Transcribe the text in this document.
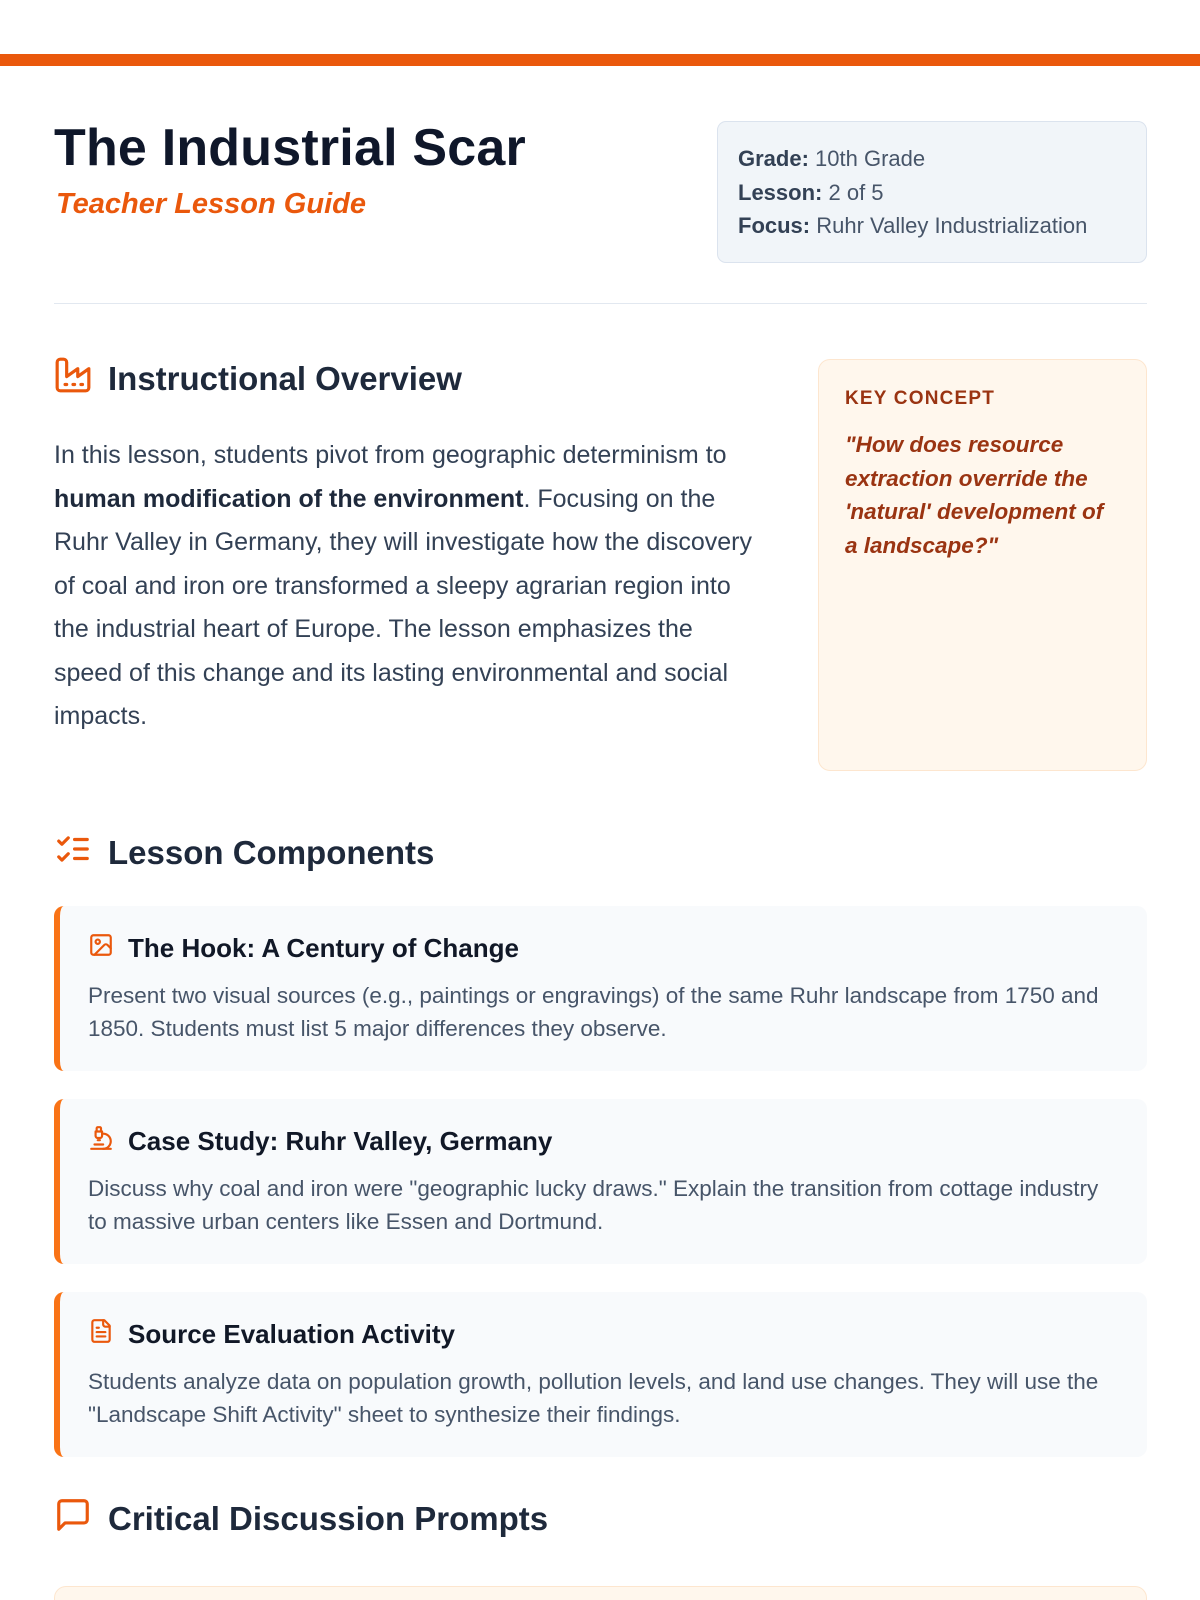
The Industrial Scar
Teacher Lesson Guide
Grade: 10th Grade
Lesson: 2 of 5
Focus: Ruhr Valley Industrialization
Instructional Overview

In this lesson, students pivot from geographic determinism to human modification of the environment. Focusing on the Ruhr Valley in Germany, they will investigate how the discovery of coal and iron ore transformed a sleepy agrarian region into the industrial heart of Europe. The lesson emphasizes the speed of this change and its lasting environmental and social impacts.

KEY CONCEPT
"How does resource extraction override the 'natural' development of a landscape?"
Lesson Components
The Hook: A Century of Change
Present two visual sources (e.g., paintings or engravings) of the same Ruhr landscape from 1750 and 1850. Students must list 5 major differences they observe.
Case Study: Ruhr Valley, Germany
Discuss why coal and iron were "geographic lucky draws." Explain the transition from cottage industry to massive urban centers like Essen and Dortmund.
Source Evaluation Activity
Students analyze data on population growth, pollution levels, and land use changes. They will use the "Landscape Shift Activity" sheet to synthesize their findings.
Critical Discussion Prompts
